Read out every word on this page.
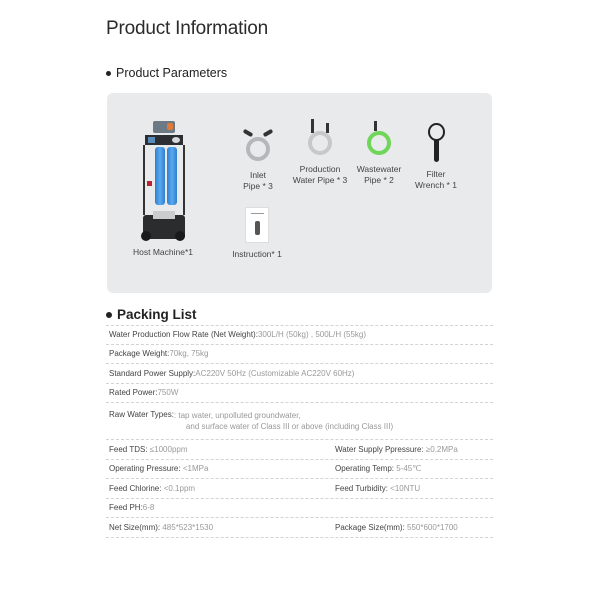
Product Information
Product Parameters
Host Machine*1
Inlet
Pipe * 3
Production
Water Pipe * 3
Wastewater
Pipe * 2
Filter
Wrench * 1
Instruction* 1
Packing List
Water Production Flow Rate (Net Weight): 300L/H (50kg) , 500L/H (55kg)
Package Weight: 70kg, 75kg
Standard Power Supply: AC220V 50Hz (Customizable AC220V 60Hz)
Rated Power: 750W
Raw Water Types: : tap water, unpolluted groundwater,
and surface water of Class III or above (including Class III)
Feed TDS: ≤1000ppm	Water Supply Ppressure: ≥0.2MPa
Operating Pressure: <1MPa	Operating Temp: 5-45℃
Feed Chlorine: <0.1ppm	Feed Turbidity: <10NTU
Feed PH: 6-8
Net Size(mm): 485*523*1530	Package Size(mm): 550*600*1700
